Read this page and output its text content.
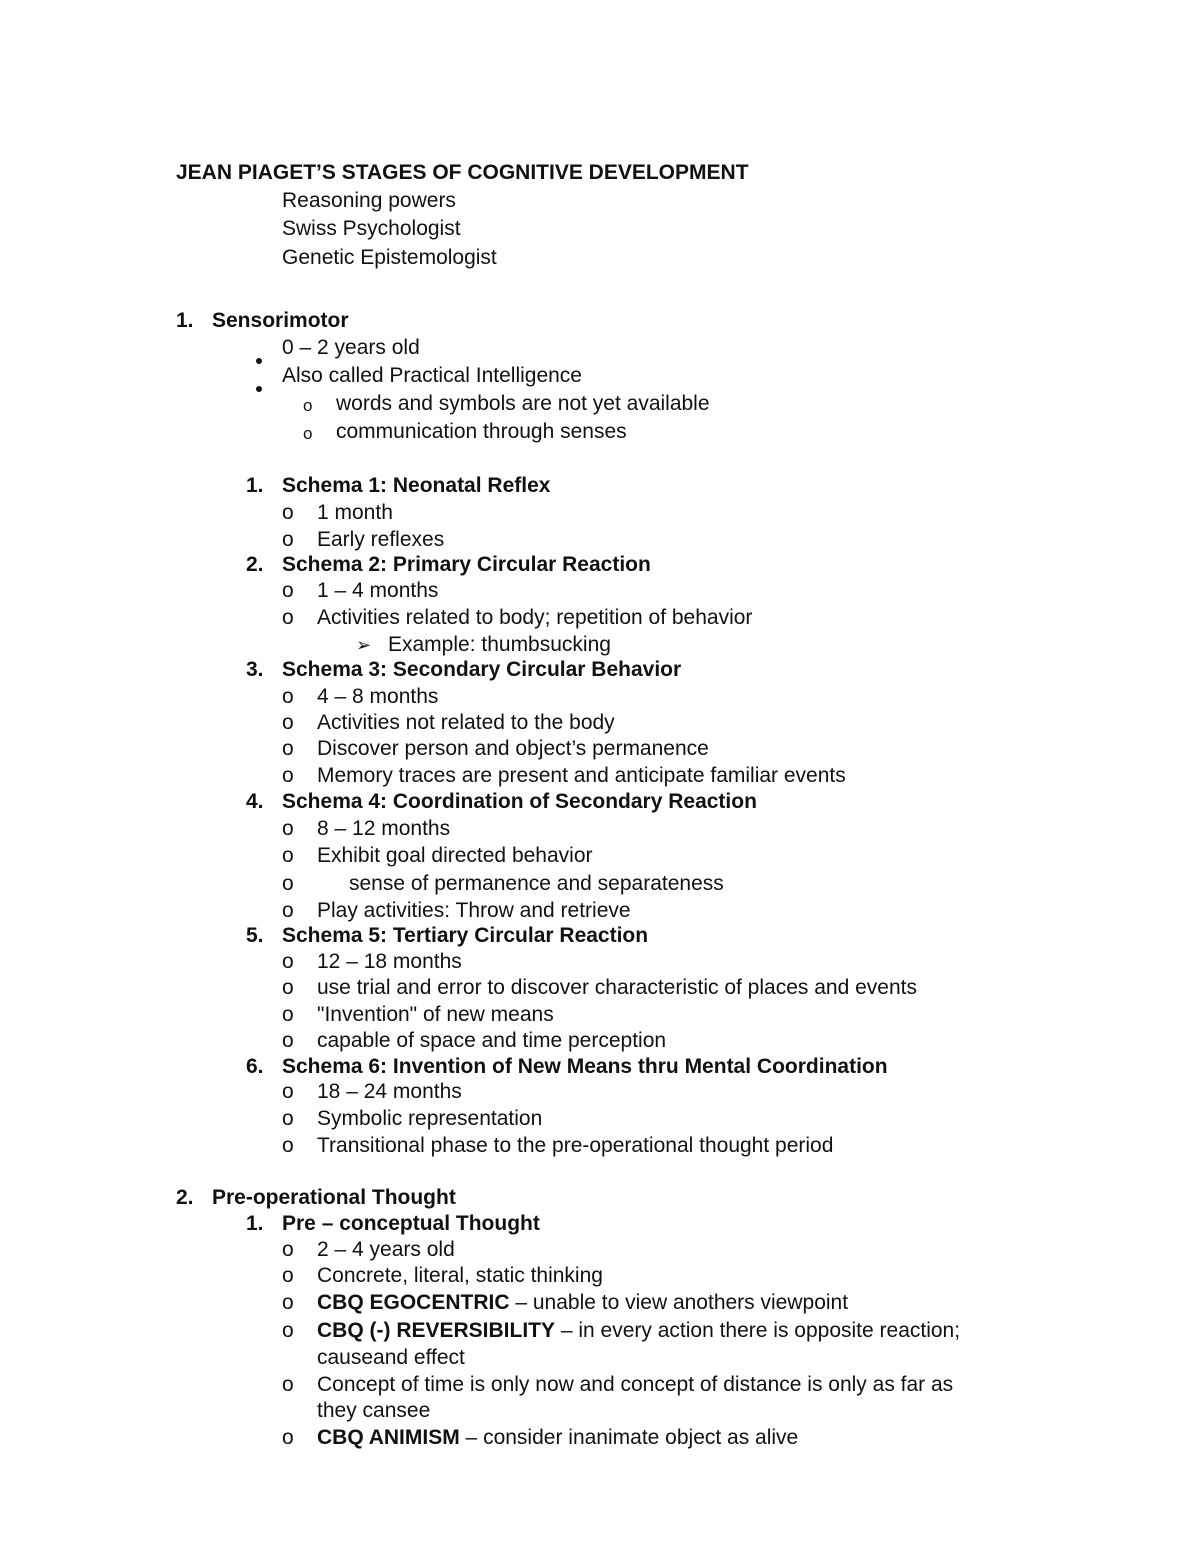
JEAN PIAGET’S STAGES OF COGNITIVE DEVELOPMENT
Reasoning powers
Swiss Psychologist
Genetic Epistemologist
1. Sensorimotor
0 – 2 years old
Also called Practical Intelligence
o words and symbols are not yet available
o communication through senses
1. Schema 1: Neonatal Reflex
o 1 month
o Early reflexes
2. Schema 2: Primary Circular Reaction
o 1 – 4 months
o Activities related to body; repetition of behavior
➢ Example: thumbsucking
3. Schema 3: Secondary Circular Behavior
o 4 – 8 months
o Activities not related to the body
o Discover person and object’s permanence
o Memory traces are present and anticipate familiar events
4. Schema 4: Coordination of Secondary Reaction
o 8 – 12 months
o Exhibit goal directed behavior
o	sense of permanence and separateness
o Play activities: Throw and retrieve
5. Schema 5: Tertiary Circular Reaction
o 12 – 18 months
o use trial and error to discover characteristic of places and events
o "Invention" of new means
o capable of space and time perception
6. Schema 6: Invention of New Means thru Mental Coordination
o 18 – 24 months
o Symbolic representation
o Transitional phase to the pre-operational thought period
2. Pre-operational Thought
1. Pre – conceptual Thought
o 2 – 4 years old
o Concrete, literal, static thinking
o CBQ EGOCENTRIC – unable to view anothers viewpoint
o CBQ (-) REVERSIBILITY – in every action there is opposite reaction;
causeand effect
o Concept of time is only now and concept of distance is only as far as
they cansee
o CBQ ANIMISM – consider inanimate object as alive
